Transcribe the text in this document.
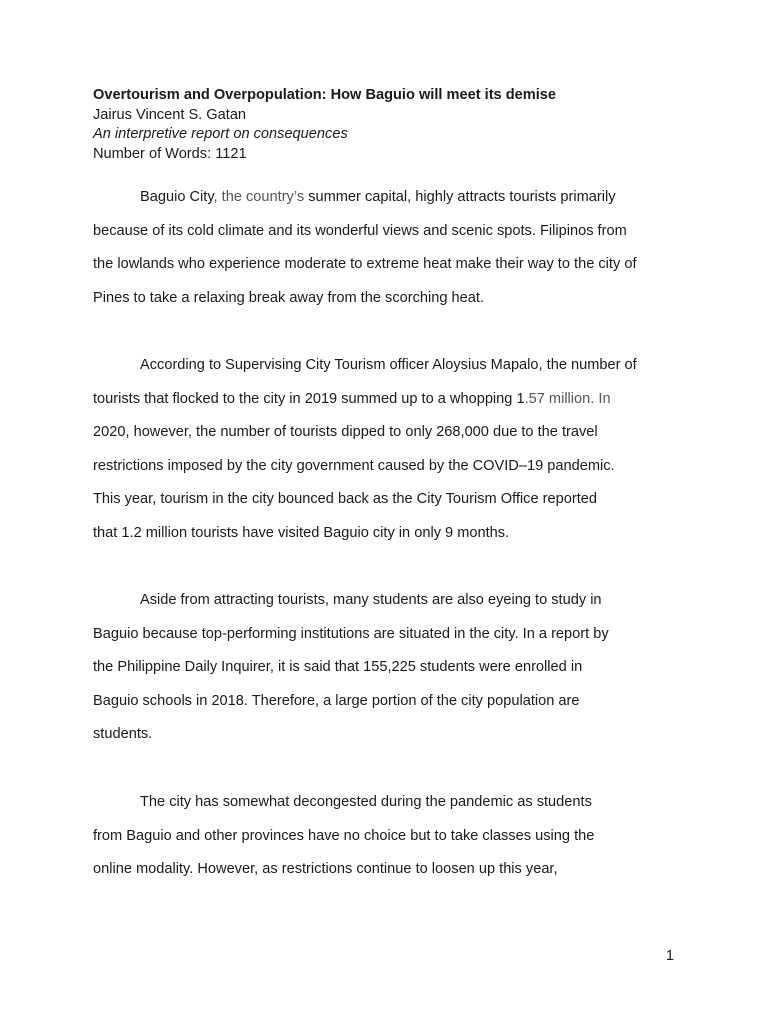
Overtourism and Overpopulation: How Baguio will meet its demise
Jairus Vincent S. Gatan
An interpretive report on consequences
Number of Words: 1121
Baguio City, the country’s summer capital, highly attracts tourists primarily
because of its cold climate and its wonderful views and scenic spots. Filipinos from
the lowlands who experience moderate to extreme heat make their way to the city of
Pines to take a relaxing break away from the scorching heat.
According to Supervising City Tourism officer Aloysius Mapalo, the number of
tourists that flocked to the city in 2019 summed up to a whopping 1.57 million. In
2020, however, the number of tourists dipped to only 268,000 due to the travel
restrictions imposed by the city government caused by the COVID–19 pandemic.
This year, tourism in the city bounced back as the City Tourism Office reported
that 1.2 million tourists have visited Baguio city in only 9 months.
Aside from attracting tourists, many students are also eyeing to study in
Baguio because top-performing institutions are situated in the city. In a report by
the Philippine Daily Inquirer, it is said that 155,225 students were enrolled in
Baguio schools in 2018. Therefore, a large portion of the city population are
students.
The city has somewhat decongested during the pandemic as students
from Baguio and other provinces have no choice but to take classes using the
online modality. However, as restrictions continue to loosen up this year,
1
